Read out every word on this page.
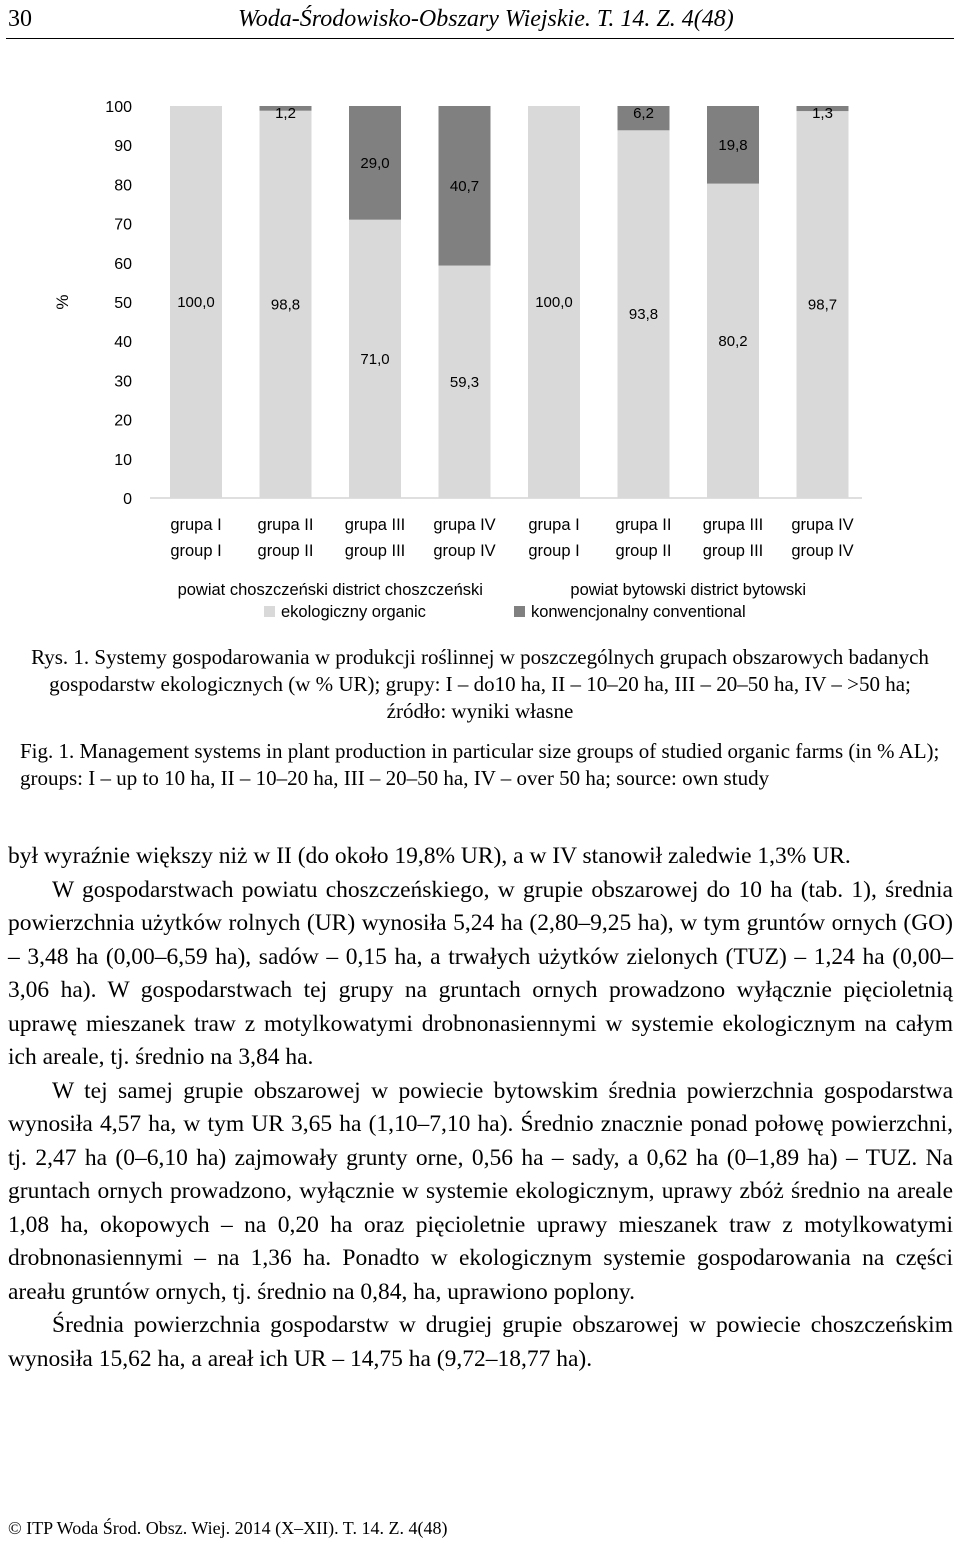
30	Woda-Środowisko-Obszary Wiejskie. T. 14. Z. 4(48)
0
10
20
30
40
50
60
70
80
90
100
%	100,0
grupa I
group I
98,8
1,2
grupa II
group II
71,0
29,0
grupa III
group III
59,3
40,7
grupa IV
group IV
100,0
grupa I
group I
93,8
6,2
grupa II
group II
80,2
19,8
grupa III
group III
98,7
1,3
grupa IV
group IV
powiat choszczeński district choszczeński	powiat bytowski district bytowski
ekologiczny organic	konwencjonalny conventional
Rys. 1. Systemy gospodarowania w produkcji roślinnej w poszczególnych grupach obszarowych badanych gospodarstw ekologicznych (w % UR); grupy: I – do10 ha, II – 10–20 ha, III – 20–50 ha, IV – >50 ha; źródło: wyniki własne
Fig. 1. Management systems in plant production in particular size groups of studied organic farms (in % AL); groups: I – up to 10 ha, II – 10–20 ha, III – 20–50 ha, IV – over 50 ha; source: own study

był wyraźnie większy niż w II (do około 19,8% UR), a w IV stanowił zaledwie 1,3% UR.

W gospodarstwach powiatu choszczeńskiego, w grupie obszarowej do 10 ha (tab. 1), średnia powierzchnia użytków rolnych (UR) wynosiła 5,24 ha (2,80–9,25 ha), w tym gruntów ornych (GO) – 3,48 ha (0,00–6,59 ha), sadów – 0,15 ha, a trwałych użytków zielonych (TUZ) – 1,24 ha (0,00–3,06 ha). W gospodarstwach tej grupy na gruntach ornych prowadzono wyłącznie pięcioletnią uprawę mieszanek traw z motylkowatymi drobnonasiennymi w systemie ekologicznym na całym ich areale, tj. średnio na 3,84 ha.

W tej samej grupie obszarowej w powiecie bytowskim średnia powierzchnia gospodarstwa wynosiła 4,57 ha, w tym UR 3,65 ha (1,10–7,10 ha). Średnio znacznie ponad połowę powierzchni, tj. 2,47 ha (0–6,10 ha) zajmowały grunty orne, 0,56 ha – sady, a 0,62 ha (0–1,89 ha) – TUZ. Na gruntach ornych prowadzono, wyłącznie w systemie ekologicznym, uprawy zbóż średnio na areale 1,08 ha, okopowych – na 0,20 ha oraz pięcioletnie uprawy mieszanek traw z motylkowatymi drobnonasiennymi – na 1,36 ha. Ponadto w ekologicznym systemie gospodarowania na części areału gruntów ornych, tj. średnio na 0,84, ha, uprawiono poplony.

Średnia powierzchnia gospodarstw w drugiej grupie obszarowej w powiecie choszczeńskim wynosiła 15,62 ha, a areał ich UR – 14,75 ha (9,72–18,77 ha).

© ITP Woda Środ. Obsz. Wiej. 2014 (X–XII). T. 14. Z. 4(48)
